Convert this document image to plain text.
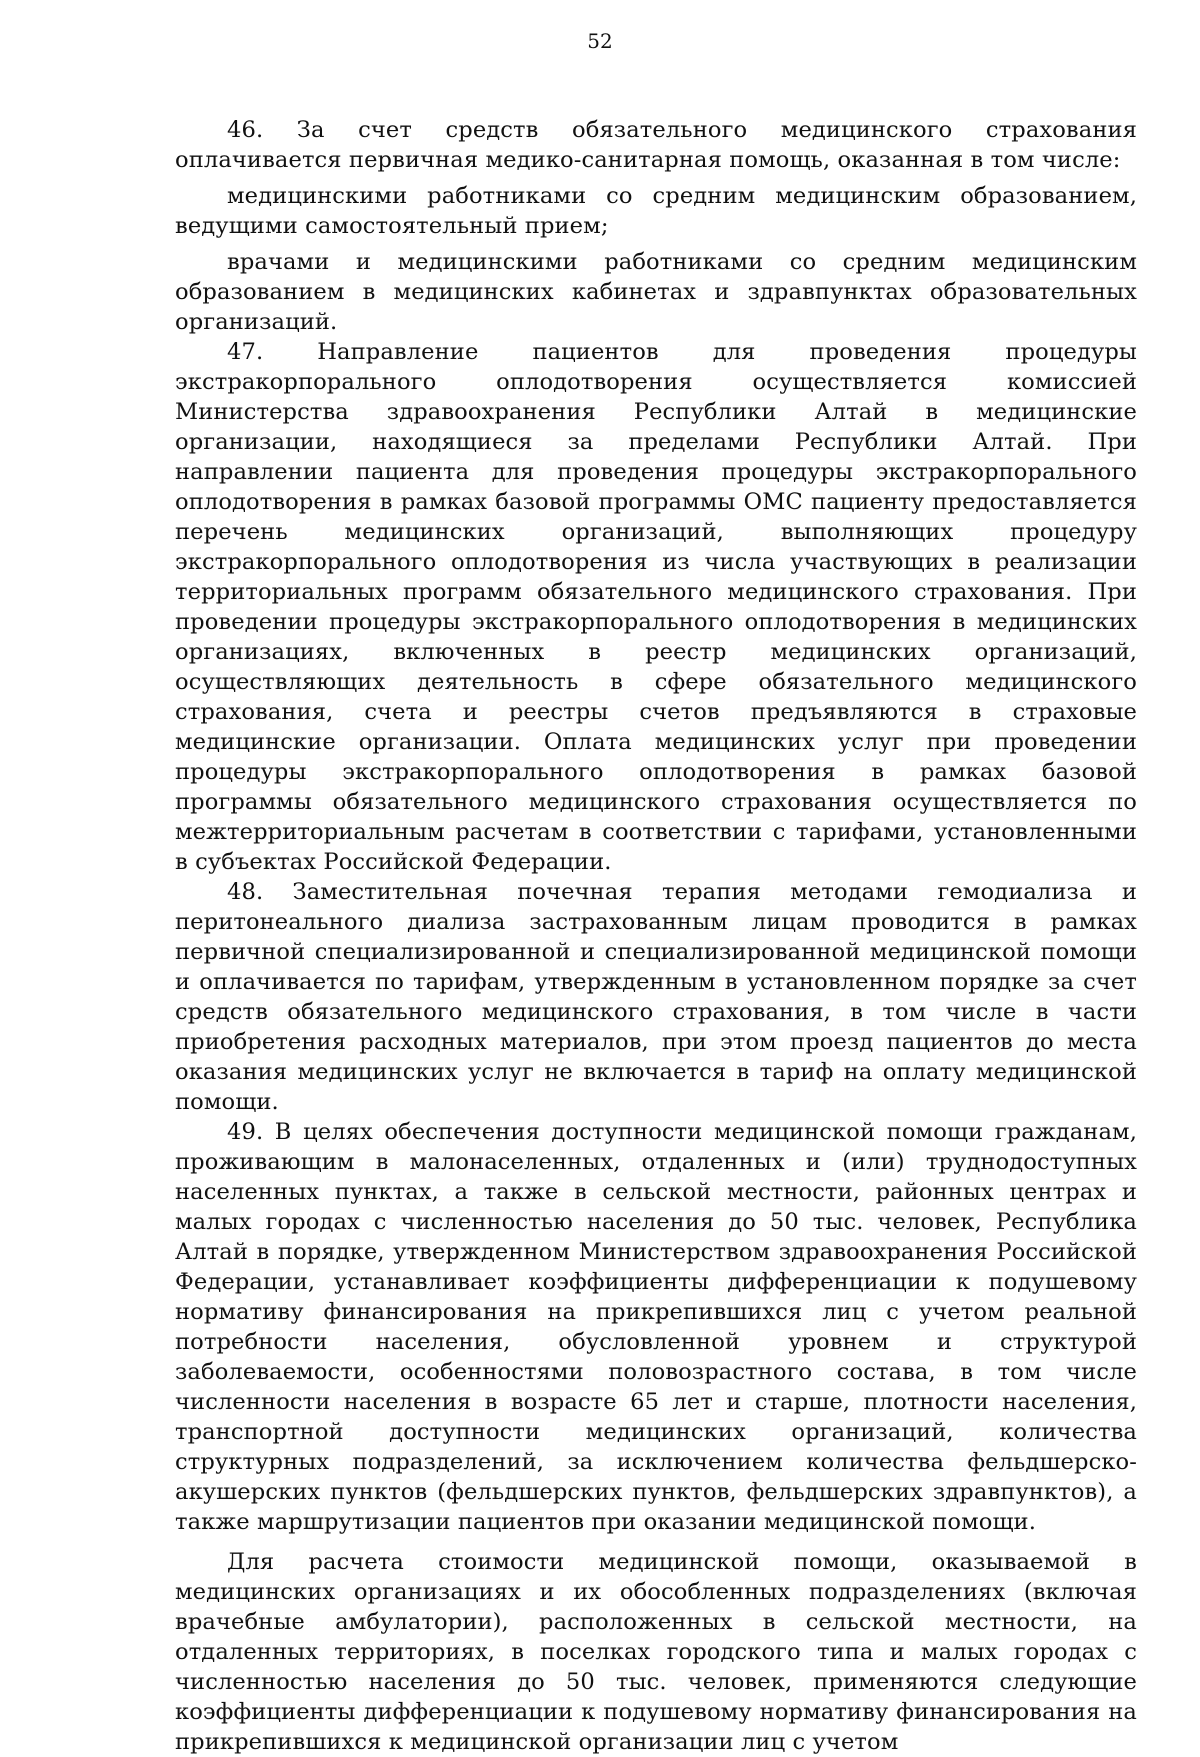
52

46. За счет средств обязательного медицинского страхования оплачивается первичная медико-санитарная помощь, оказанная в том числе:

медицинскими работниками со средним медицинским образованием, ведущими самостоятельный прием;

врачами и медицинскими работниками со средним медицинским образованием в медицинских кабинетах и здравпунктах образовательных организаций.

47. Направление пациентов для проведения процедуры экстракорпорального оплодотворения осуществляется комиссией Министерства здравоохранения Республики Алтай в медицинские организации, находящиеся за пределами Республики Алтай. При направлении пациента для проведения процедуры экстракорпорального оплодотворения в рамках базовой программы ОМС пациенту предоставляется перечень медицинских организаций, выполняющих процедуру экстракорпорального оплодотворения из числа участвующих в реализации территориальных программ обязательного медицинского страхования. При проведении процедуры экстракорпорального оплодотворения в медицинских организациях, включенных в реестр медицинских организаций, осуществляющих деятельность в сфере обязательного медицинского страхования, счета и реестры счетов предъявляются в страховые медицинские организации. Оплата медицинских услуг при проведении процедуры экстракорпорального оплодотворения в рамках базовой программы обязательного медицинского страхования осуществляется по межтерриториальным расчетам в соответствии с тарифами, установленными в субъектах Российской Федерации.

48. Заместительная почечная терапия методами гемодиализа и перитонеального диализа застрахованным лицам проводится в рамках первичной специализированной и специализированной медицинской помощи и оплачивается по тарифам, утвержденным в установленном порядке за счет средств обязательного медицинского страхования, в том числе в части приобретения расходных материалов, при этом проезд пациентов до места оказания медицинских услуг не включается в тариф на оплату медицинской помощи.

49. В целях обеспечения доступности медицинской помощи гражданам, проживающим в малонаселенных, отдаленных и (или) труднодоступных населенных пунктах, а также в сельской местности, районных центрах и малых городах с численностью населения до 50 тыс. человек, Республика Алтай в порядке, утвержденном Министерством здравоохранения Российской Федерации, устанавливает коэффициенты дифференциации к подушевому нормативу финансирования на прикрепившихся лиц с учетом реальной потребности населения, обусловленной уровнем и структурой заболеваемости, особенностями половозрастного состава, в том числе численности населения в возрасте 65 лет и старше, плотности населения, транспортной доступности медицинских организаций, количества структурных подразделений, за исключением количества фельдшерско-акушерских пунктов (фельдшерских пунктов, фельдшерских здравпунктов), а также маршрутизации пациентов при оказании медицинской помощи.

Для расчета стоимости медицинской помощи, оказываемой в медицинских организациях и их обособленных подразделениях (включая врачебные амбулатории), расположенных в сельской местности, на отдаленных территориях, в поселках городского типа и малых городах с численностью населения до 50 тыс. человек, применяются следующие коэффициенты дифференциации к подушевому нормативу финансирования на прикрепившихся к медицинской организации лиц с учетом
